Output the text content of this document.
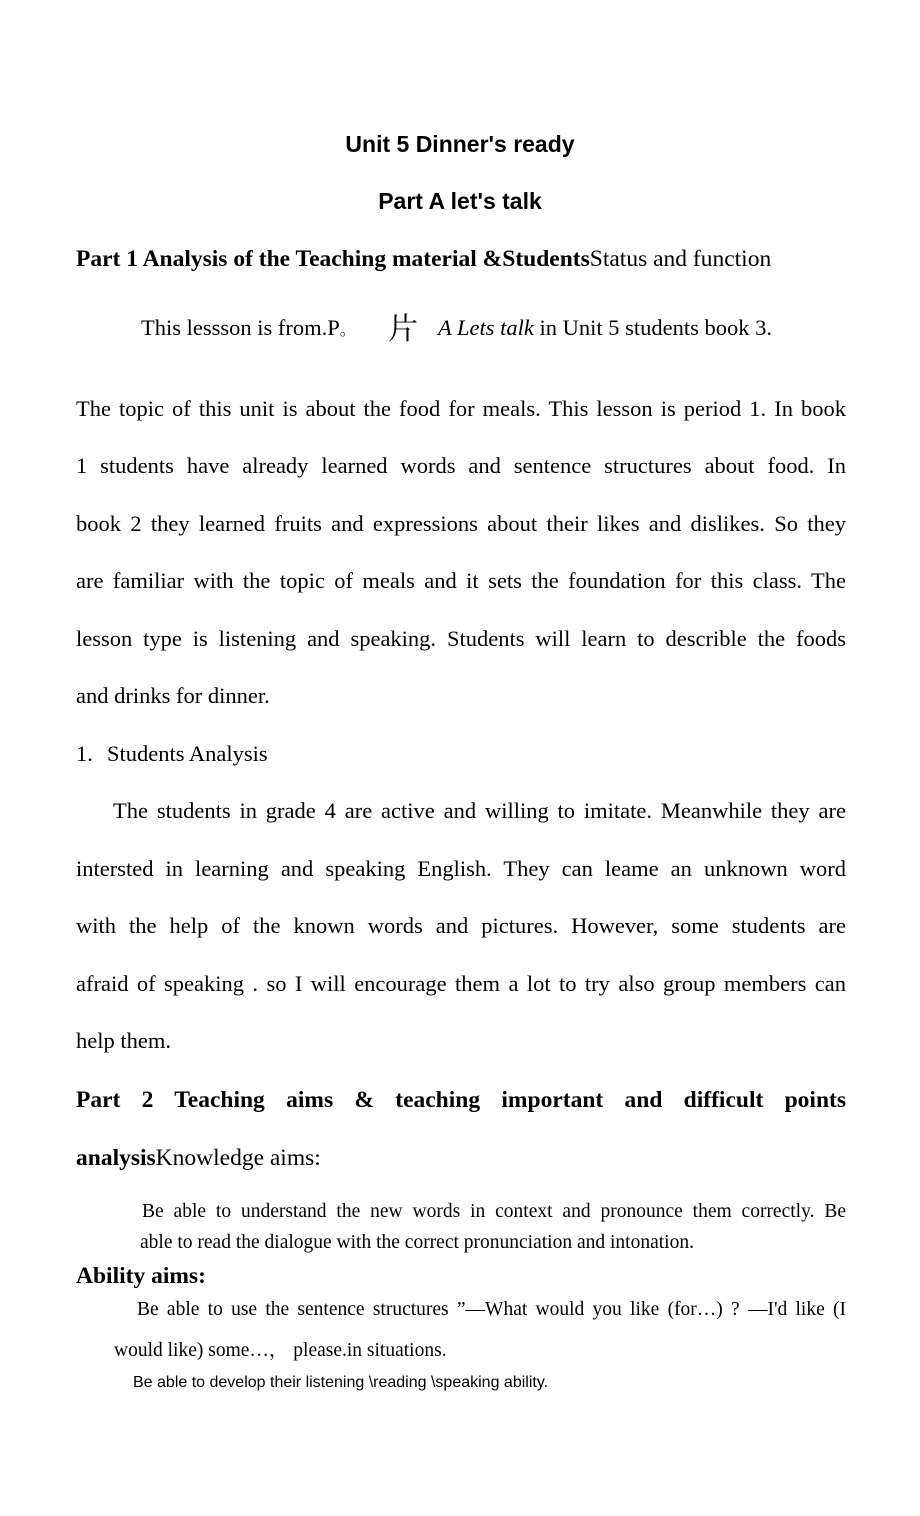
Unit 5 Dinner's ready
Part A let's talk
Part 1 Analysis of the Teaching material &StudentsStatus and function
This lessson is from.P。 片 A Lets talk in Unit 5 students book 3.
The topic of this unit is about the food for meals. This lesson is period 1. In book
1 students have already learned words and sentence structures about food. In
book 2 they learned fruits and expressions about their likes and dislikes. So they
are familiar with the topic of meals and it sets the foundation for this class. The
lesson type is listening and speaking. Students will learn to describle the foods
and drinks for dinner.
1. Students Analysis
The students in grade 4 are active and willing to imitate. Meanwhile they are
intersted in learning and speaking English. They can leame an unknown word
with the help of the known words and pictures. However, some students are
afraid of speaking . so I will encourage them a lot to try also group members can
help them.
Part 2 Teaching aims & teaching important and difficult points
analysisKnowledge aims:
Be able to understand the new words in context and pronounce them correctly. Be
able to read the dialogue with the correct pronunciation and intonation.
Ability aims:
Be able to use the sentence structures ”—What would you like (for…) ? —I'd like (I
would like) some…， please.in situations.
Be able to develop their listening \reading \speaking ability.
